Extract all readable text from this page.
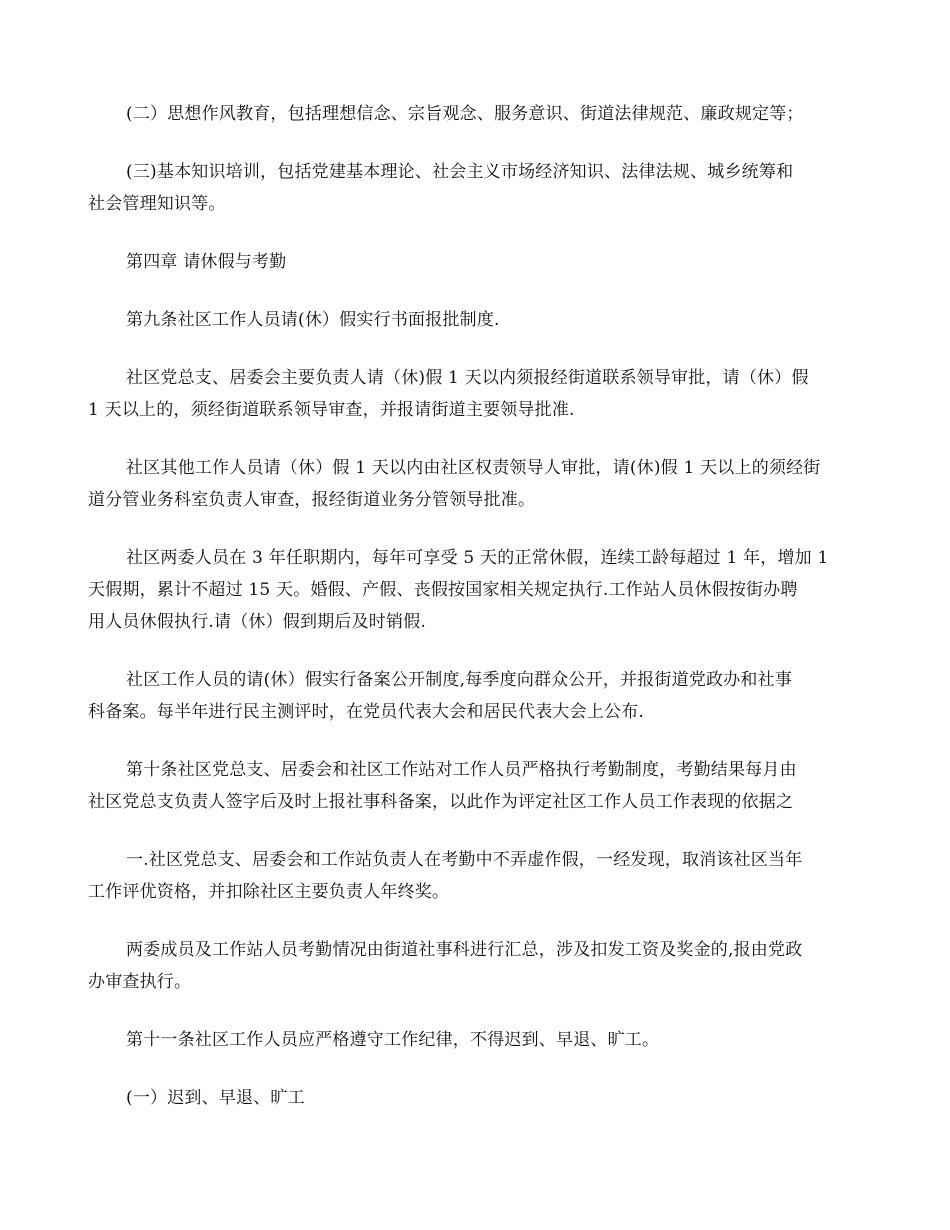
(二）思想作风教育，包括理想信念、宗旨观念、服务意识、街道法律规范、廉政规定等；

(三)基本知识培训，包括党建基本理论、社会主义市场经济知识、法律法规、城乡统筹和
社会管理知识等。

第四章 请休假与考勤

第九条社区工作人员请(休）假实行书面报批制度.

社区党总支、居委会主要负责人请（休)假 1 天以内须报经街道联系领导审批，请（休）假
1 天以上的，须经街道联系领导审查，并报请街道主要领导批准.

社区其他工作人员请（休）假 1 天以内由社区权责领导人审批，请(休)假 1 天以上的须经街
道分管业务科室负责人审查，报经街道业务分管领导批准。

社区两委人员在 3 年任职期内，每年可享受 5 天的正常休假，连续工龄每超过 1 年，增加 1
天假期，累计不超过 15 天。婚假、产假、丧假按国家相关规定执行.工作站人员休假按街办聘
用人员休假执行.请（休）假到期后及时销假.

社区工作人员的请(休）假实行备案公开制度,每季度向群众公开，并报街道党政办和社事
科备案。每半年进行民主测评时，在党员代表大会和居民代表大会上公布.

第十条社区党总支、居委会和社区工作站对工作人员严格执行考勤制度，考勤结果每月由
社区党总支负责人签字后及时上报社事科备案，以此作为评定社区工作人员工作表现的依据之

一.社区党总支、居委会和工作站负责人在考勤中不弄虚作假，一经发现，取消该社区当年
工作评优资格，并扣除社区主要负责人年终奖。

两委成员及工作站人员考勤情况由街道社事科进行汇总，涉及扣发工资及奖金的,报由党政
办审查执行。

第十一条社区工作人员应严格遵守工作纪律，不得迟到、早退、旷工。

(一）迟到、早退、旷工
